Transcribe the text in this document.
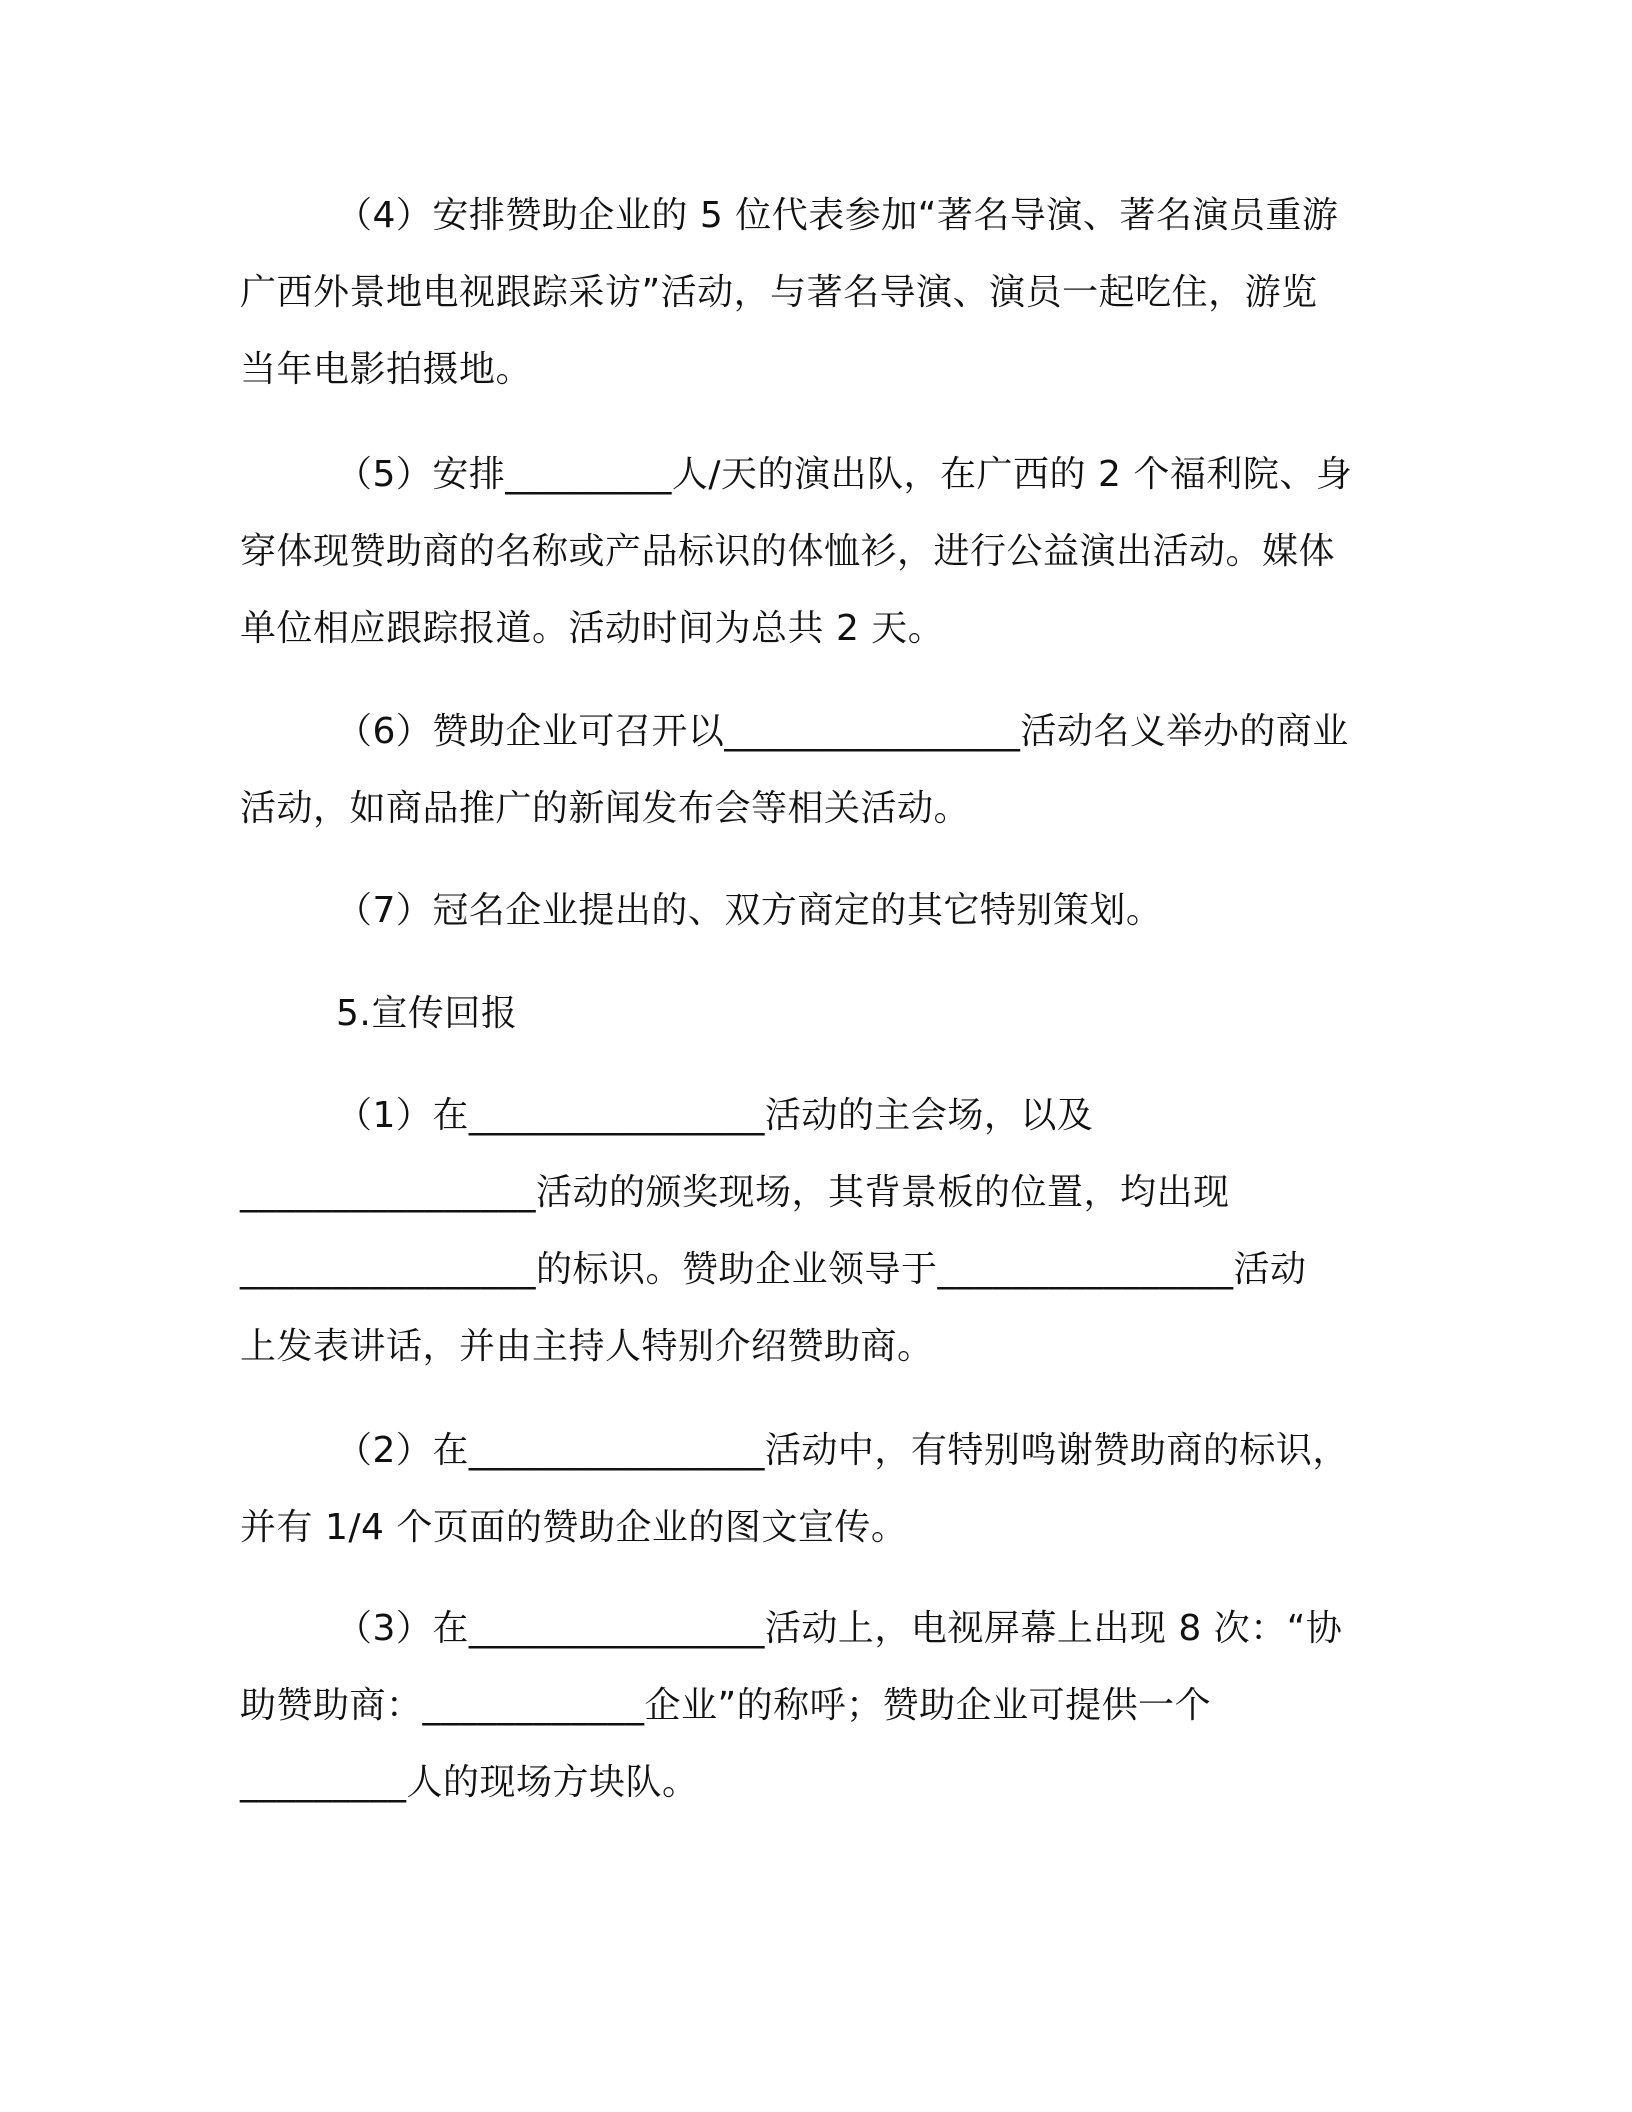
（4）安排赞助企业的 5 位代表参加“著名导演、著名演员重游
广西外景地电视跟踪采访”活动，与著名导演、演员一起吃住，游览
当年电影拍摄地。
（5）安排_________人/天的演出队，在广西的 2 个福利院、身
穿体现赞助商的名称或产品标识的体恤衫，进行公益演出活动。媒体
单位相应跟踪报道。活动时间为总共 2 天。
（6）赞助企业可召开以________________活动名义举办的商业
活动，如商品推广的新闻发布会等相关活动。
（7）冠名企业提出的、双方商定的其它特别策划。
5.宣传回报
（1）在________________活动的主会场，以及
________________活动的颁奖现场，其背景板的位置，均出现
________________的标识。赞助企业领导于________________活动
上发表讲话，并由主持人特别介绍赞助商。
（2）在________________活动中，有特别鸣谢赞助商的标识，
并有 1/4 个页面的赞助企业的图文宣传。
（3）在________________活动上，电视屏幕上出现 8 次：“协
助赞助商：____________企业”的称呼；赞助企业可提供一个
_________人的现场方块队。
